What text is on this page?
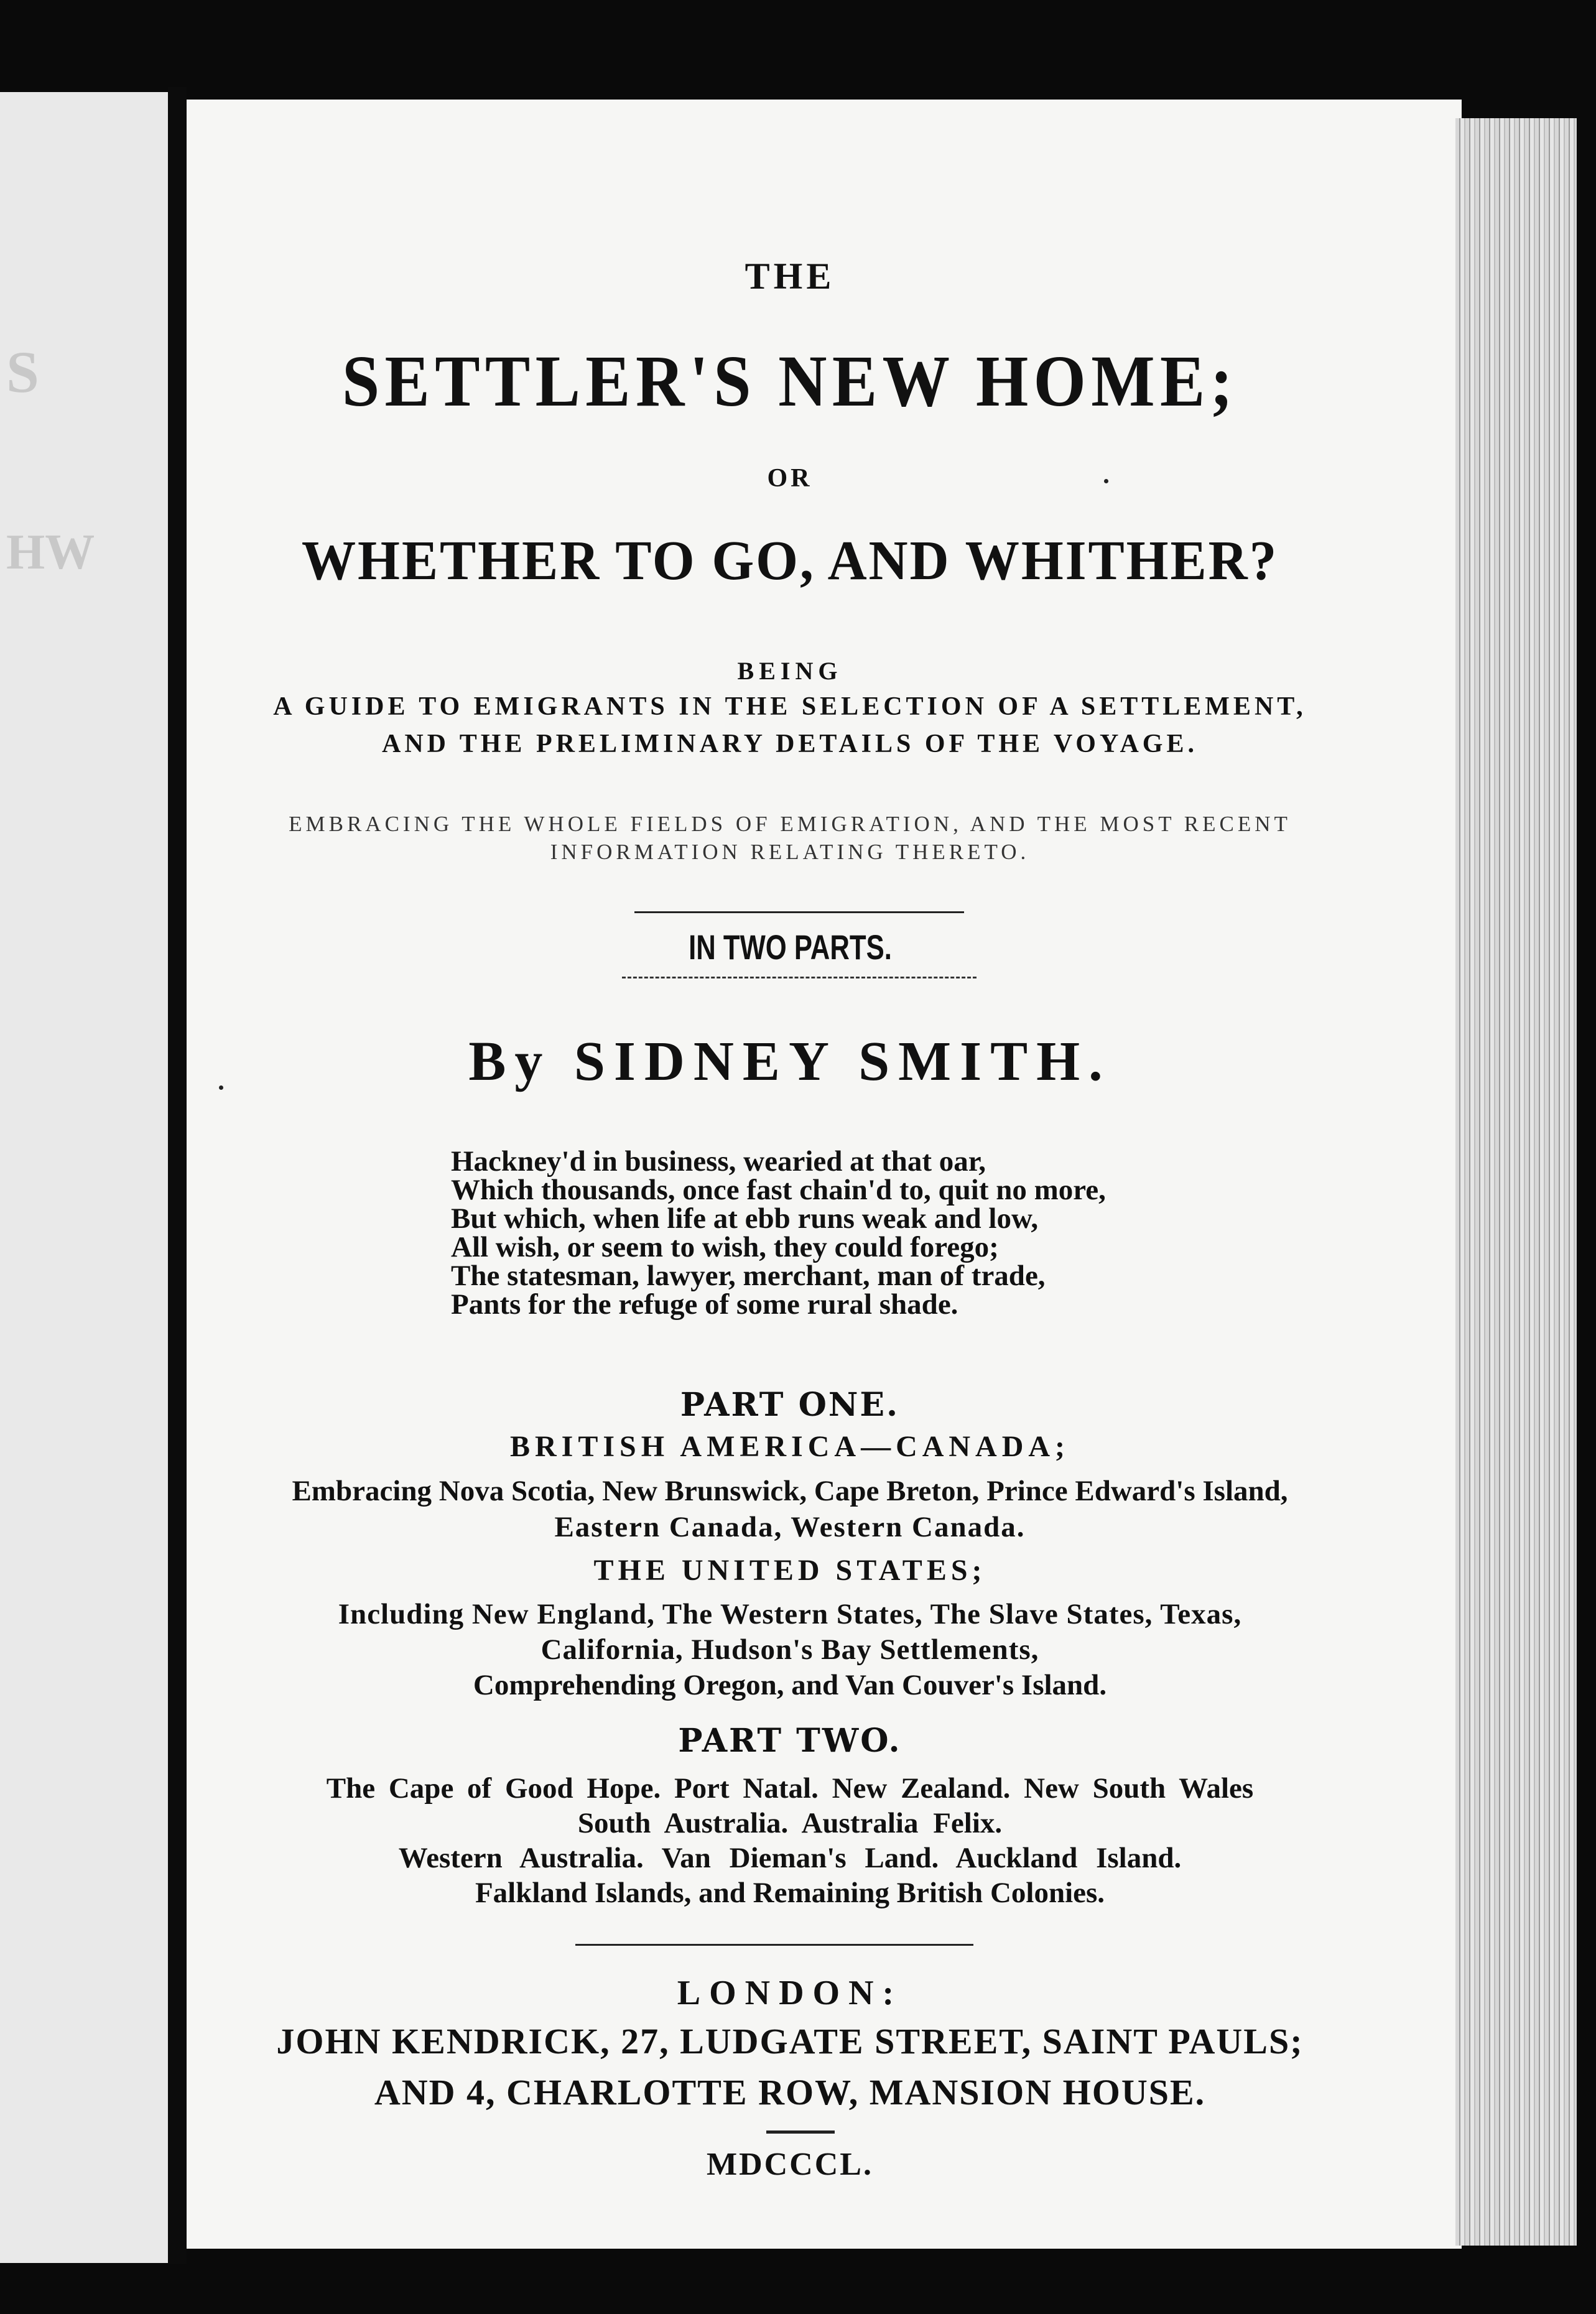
S
HW
THE
SETTLER'S NEW HOME;
OR
WHETHER TO GO, AND WHITHER?
BEING
A GUIDE TO EMIGRANTS IN THE SELECTION OF A SETTLEMENT,
AND THE PRELIMINARY DETAILS OF THE VOYAGE.
EMBRACING THE WHOLE FIELDS OF EMIGRATION, AND THE MOST RECENT
INFORMATION RELATING THERETO.
IN TWO PARTS.
By SIDNEY SMITH.
Hackney'd in business, wearied at that oar,
Which thousands, once fast chain'd to, quit no more,
But which, when life at ebb runs weak and low,
All wish, or seem to wish, they could forego;
The statesman, lawyer, merchant, man of trade,
Pants for the refuge of some rural shade.
PART ONE.
BRITISH AMERICA—CANADA;
Embracing Nova Scotia, New Brunswick, Cape Breton, Prince Edward's Island,
Eastern Canada, Western Canada.
THE UNITED STATES;
Including New England, The Western States, The Slave States, Texas,
California, Hudson's Bay Settlements,
Comprehending Oregon, and Van Couver's Island.
PART TWO.
The Cape of Good Hope. Port Natal. New Zealand. New South Wales
South Australia. Australia Felix.
Western Australia. Van Dieman's Land. Auckland Island.
Falkland Islands, and Remaining British Colonies.
LONDON:
JOHN KENDRICK, 27, LUDGATE STREET, SAINT PAULS;
AND 4, CHARLOTTE ROW, MANSION HOUSE.
MDCCCL.
